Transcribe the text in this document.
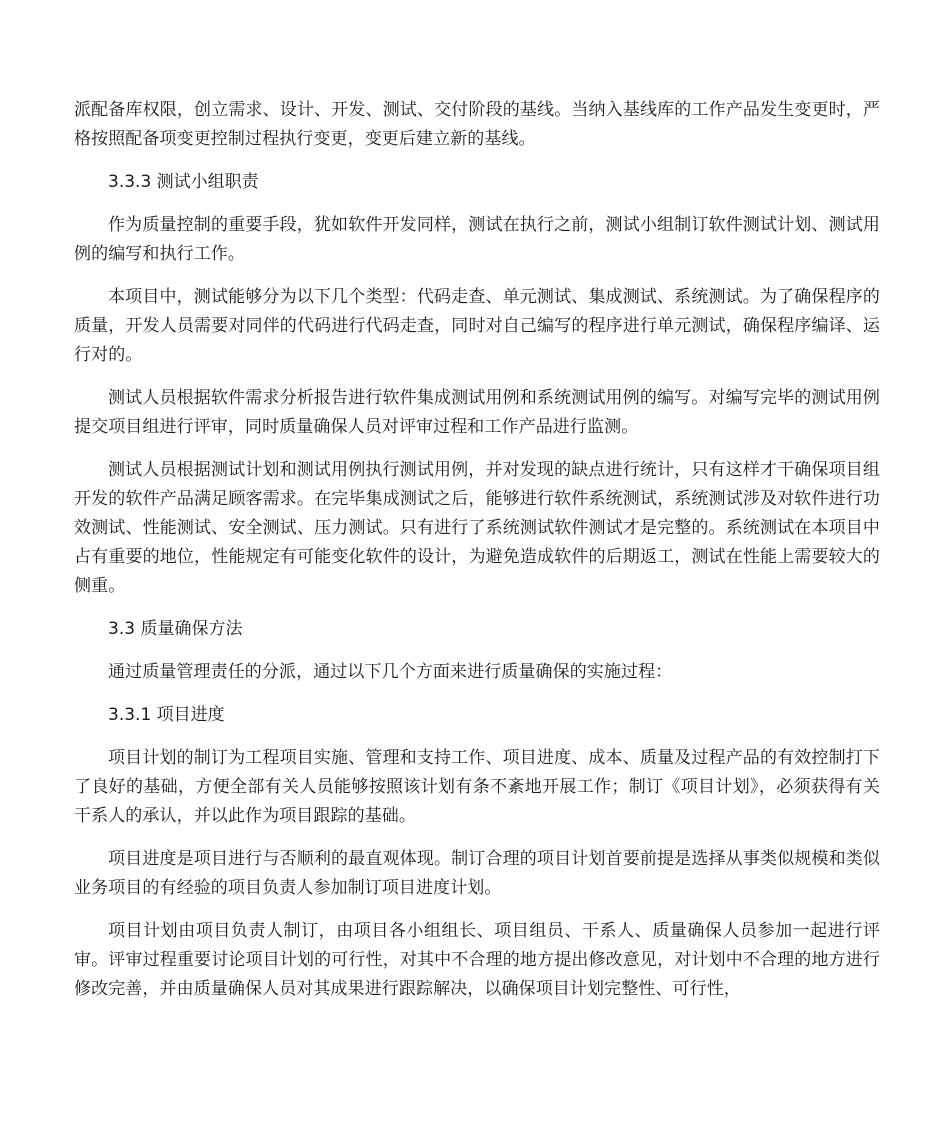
派配备库权限，创立需求、设计、开发、测试、交付阶段的基线。当纳入基线库的工作产品发生变更时，严格按照配备项变更控制过程执行变更，变更后建立新的基线。

3.3.3 测试小组职责

作为质量控制的重要手段，犹如软件开发同样，测试在执行之前，测试小组制订软件测试计划、测试用例的编写和执行工作。

本项目中，测试能够分为以下几个类型：代码走查、单元测试、集成测试、系统测试。为了确保程序的质量，开发人员需要对同伴的代码进行代码走查，同时对自己编写的程序进行单元测试，确保程序编译、运行对的。

测试人员根据软件需求分析报告进行软件集成测试用例和系统测试用例的编写。对编写完毕的测试用例提交项目组进行评审，同时质量确保人员对评审过程和工作产品进行监测。

测试人员根据测试计划和测试用例执行测试用例，并对发现的缺点进行统计，只有这样才干确保项目组开发的软件产品满足顾客需求。在完毕集成测试之后，能够进行软件系统测试，系统测试涉及对软件进行功效测试、性能测试、安全测试、压力测试。只有进行了系统测试软件测试才是完整的。系统测试在本项目中占有重要的地位，性能规定有可能变化软件的设计，为避免造成软件的后期返工，测试在性能上需要较大的侧重。

3.3 质量确保方法

通过质量管理责任的分派，通过以下几个方面来进行质量确保的实施过程：

3.3.1 项目进度

项目计划的制订为工程项目实施、管理和支持工作、项目进度、成本、质量及过程产品的有效控制打下了良好的基础，方便全部有关人员能够按照该计划有条不紊地开展工作；制订《项目计划》，必须获得有关干系人的承认，并以此作为项目跟踪的基础。

项目进度是项目进行与否顺利的最直观体现。制订合理的项目计划首要前提是选择从事类似规模和类似业务项目的有经验的项目负责人参加制订项目进度计划。

项目计划由项目负责人制订，由项目各小组组长、项目组员、干系人、质量确保人员参加一起进行评审。评审过程重要讨论项目计划的可行性，对其中不合理的地方提出修改意见，对计划中不合理的地方进行修改完善，并由质量确保人员对其成果进行跟踪解决，以确保项目计划完整性、可行性，
